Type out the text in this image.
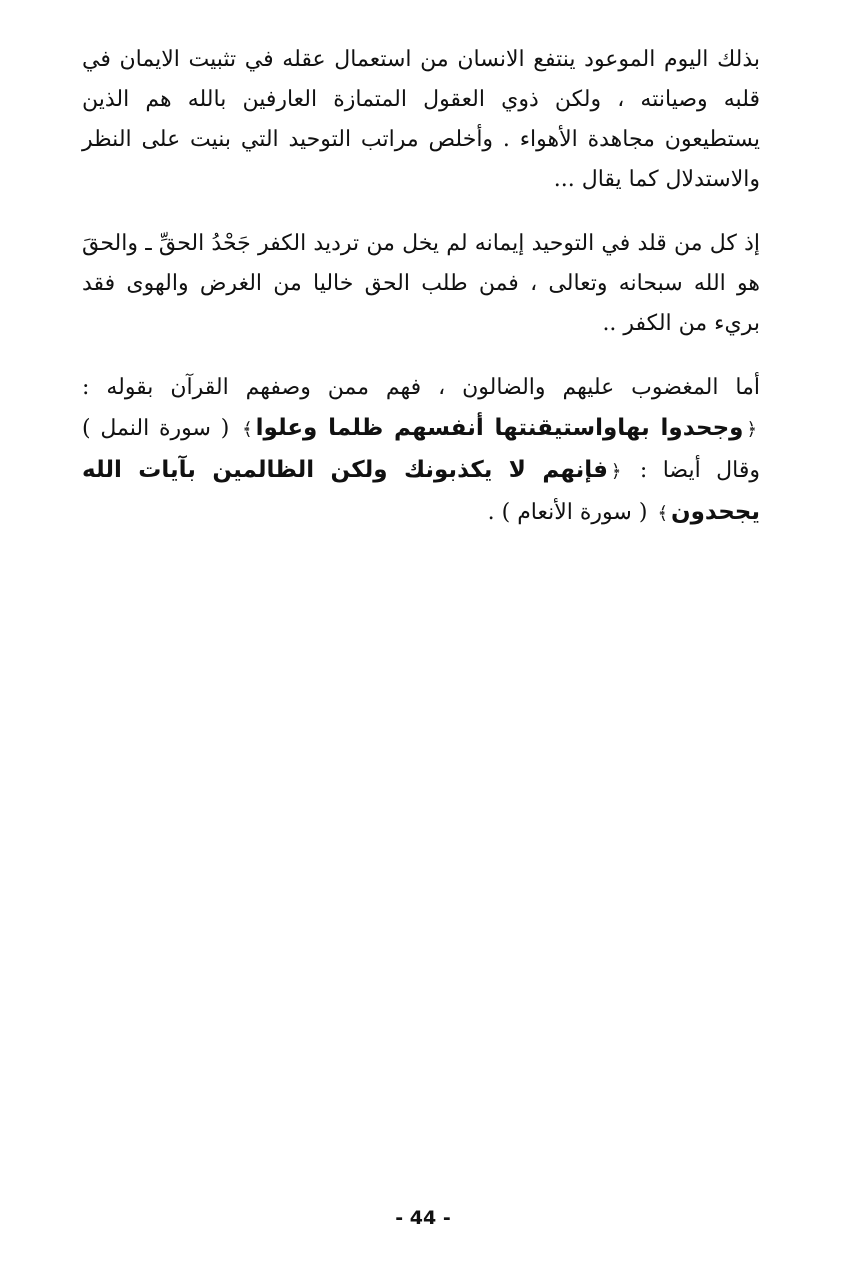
بذلك اليوم الموعود ينتفع الانسان من استعمال عقله في تثبيت الايمان في قلبه وصيانته ، ولكن ذوي العقول المتمازة العارفين بالله هم الذين يستطيعون مجاهدة الأهواء . وأخلص مراتب التوحيد التي بنيت على النظر والاستدلال كما يقال ...

إذ كل من قلد في التوحيد إيمانه لم يخل من ترديد الكفر جَحْدُ الحقِّ ـ والحقَ هو الله سبحانه وتعالى ، فمن طلب الحق خاليا من الغرض والهوى فقد بريء من الكفر ..

أما المغضوب عليهم والضالون ، فهم ممن وصفهم القرآن بقوله : ﴿وجحدوا بهاواستيقنتها أنفسهم ظلما وعلوا﴾ ( سورة النمل ) وقال أيضا : ﴿فإنهم لا يكذبونك ولكن الظالمين بآيات الله يجحدون﴾ ( سورة الأنعام ) .

- 44 -
